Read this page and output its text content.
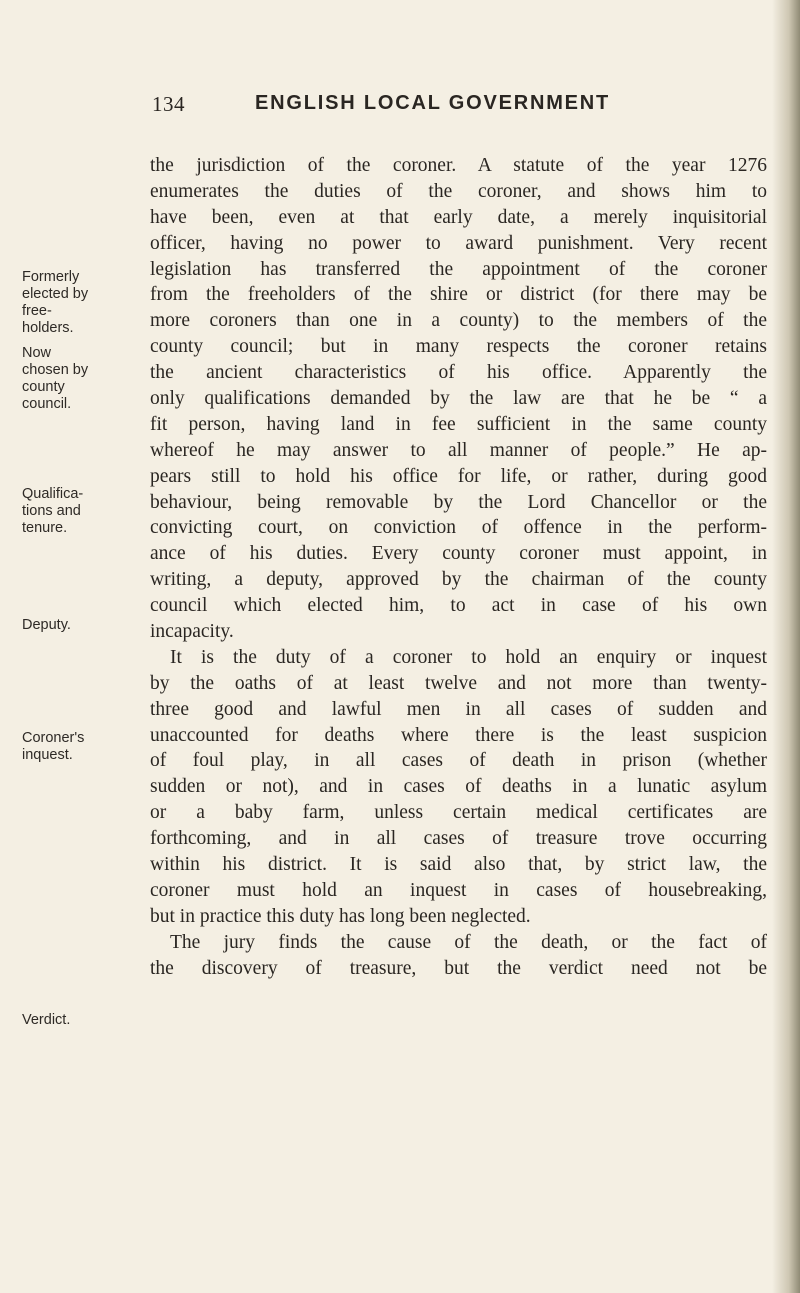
134	ENGLISH LOCAL GOVERNMENT
Formerly
elected by
free-
holders.
Now
chosen by
county
council.
Qualifica-
tions and
tenure.
Deputy.
Coroner's
inquest.
Verdict.
the jurisdiction of the coroner. A statute of the year 1276
enumerates the duties of the coroner, and shows him to
have been, even at that early date, a merely inquisitorial
officer, having no power to award punishment. Very recent
legislation has transferred the appointment of the coroner
from the freeholders of the shire or district (for there may be
more coroners than one in a county) to the members of the
county council; but in many respects the coroner retains
the ancient characteristics of his office. Apparently the
only qualifications demanded by the law are that he be “ a
fit person, having land in fee sufficient in the same county
whereof he may answer to all manner of people.” He ap-
pears still to hold his office for life, or rather, during good
behaviour, being removable by the Lord Chancellor or the
convicting court, on conviction of offence in the perform-
ance of his duties. Every county coroner must appoint, in
writing, a deputy, approved by the chairman of the county
council which elected him, to act in case of his own
incapacity.
It is the duty of a coroner to hold an enquiry or inquest
by the oaths of at least twelve and not more than twenty-
three good and lawful men in all cases of sudden and
unaccounted for deaths where there is the least suspicion
of foul play, in all cases of death in prison (whether
sudden or not), and in cases of deaths in a lunatic asylum
or a baby farm, unless certain medical certificates are
forthcoming, and in all cases of treasure trove occurring
within his district. It is said also that, by strict law, the
coroner must hold an inquest in cases of housebreaking,
but in practice this duty has long been neglected.
The jury finds the cause of the death, or the fact of
the discovery of treasure, but the verdict need not be
